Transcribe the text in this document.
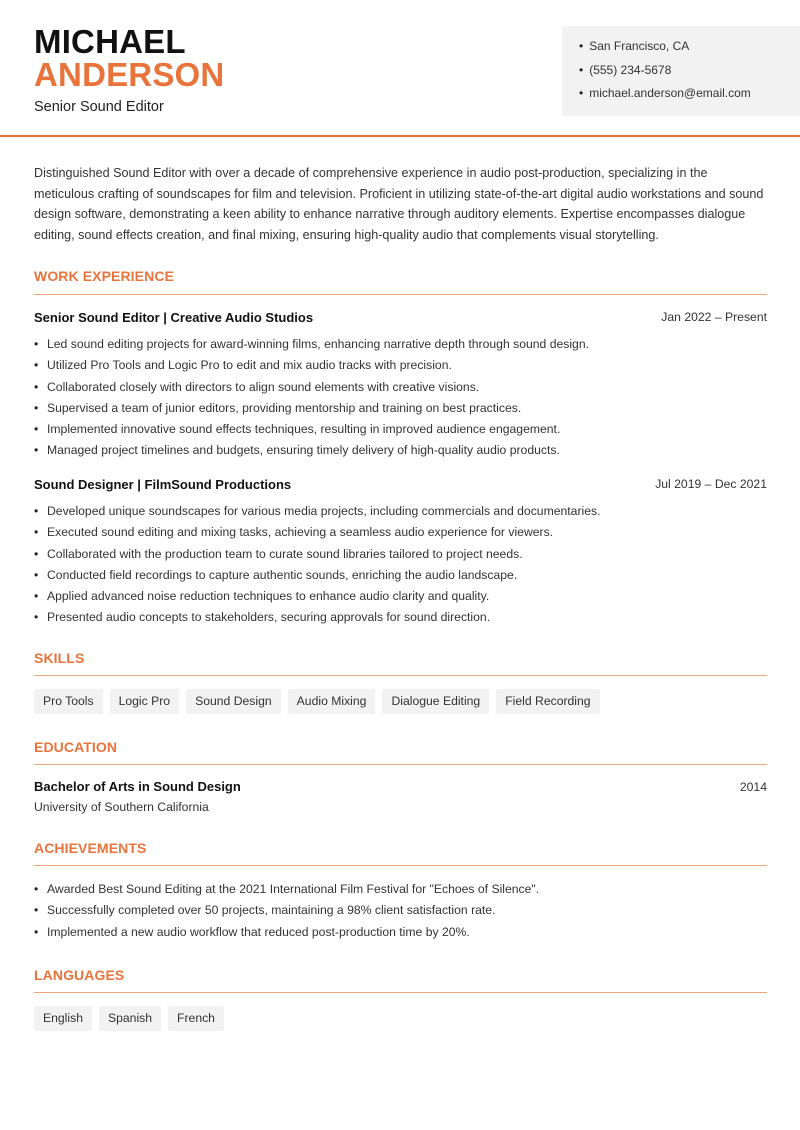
MICHAEL
ANDERSON
Senior Sound Editor
• San Francisco, CA
• (555) 234-5678
• michael.anderson@email.com

Distinguished Sound Editor with over a decade of comprehensive experience in audio post-production, specializing in the meticulous crafting of soundscapes for film and television. Proficient in utilizing state-of-the-art digital audio workstations and sound design software, demonstrating a keen ability to enhance narrative through auditory elements. Expertise encompasses dialogue editing, sound effects creation, and final mixing, ensuring high-quality audio that complements visual storytelling.

WORK EXPERIENCE
Senior Sound Editor | Creative Audio Studios	Jan 2022 – Present
• Led sound editing projects for award-winning films, enhancing narrative depth through sound design.
• Utilized Pro Tools and Logic Pro to edit and mix audio tracks with precision.
• Collaborated closely with directors to align sound elements with creative visions.
• Supervised a team of junior editors, providing mentorship and training on best practices.
• Implemented innovative sound effects techniques, resulting in improved audience engagement.
• Managed project timelines and budgets, ensuring timely delivery of high-quality audio products.
Sound Designer | FilmSound Productions	Jul 2019 – Dec 2021
• Developed unique soundscapes for various media projects, including commercials and documentaries.
• Executed sound editing and mixing tasks, achieving a seamless audio experience for viewers.
• Collaborated with the production team to curate sound libraries tailored to project needs.
• Conducted field recordings to capture authentic sounds, enriching the audio landscape.
• Applied advanced noise reduction techniques to enhance audio clarity and quality.
• Presented audio concepts to stakeholders, securing approvals for sound direction.
SKILLS
Pro Tools	Logic Pro	Sound Design	Audio Mixing	Dialogue Editing	Field Recording
EDUCATION
Bachelor of Arts in Sound Design	2014
University of Southern California
ACHIEVEMENTS
• Awarded Best Sound Editing at the 2021 International Film Festival for "Echoes of Silence".
• Successfully completed over 50 projects, maintaining a 98% client satisfaction rate.
• Implemented a new audio workflow that reduced post-production time by 20%.
LANGUAGES
English	Spanish	French
